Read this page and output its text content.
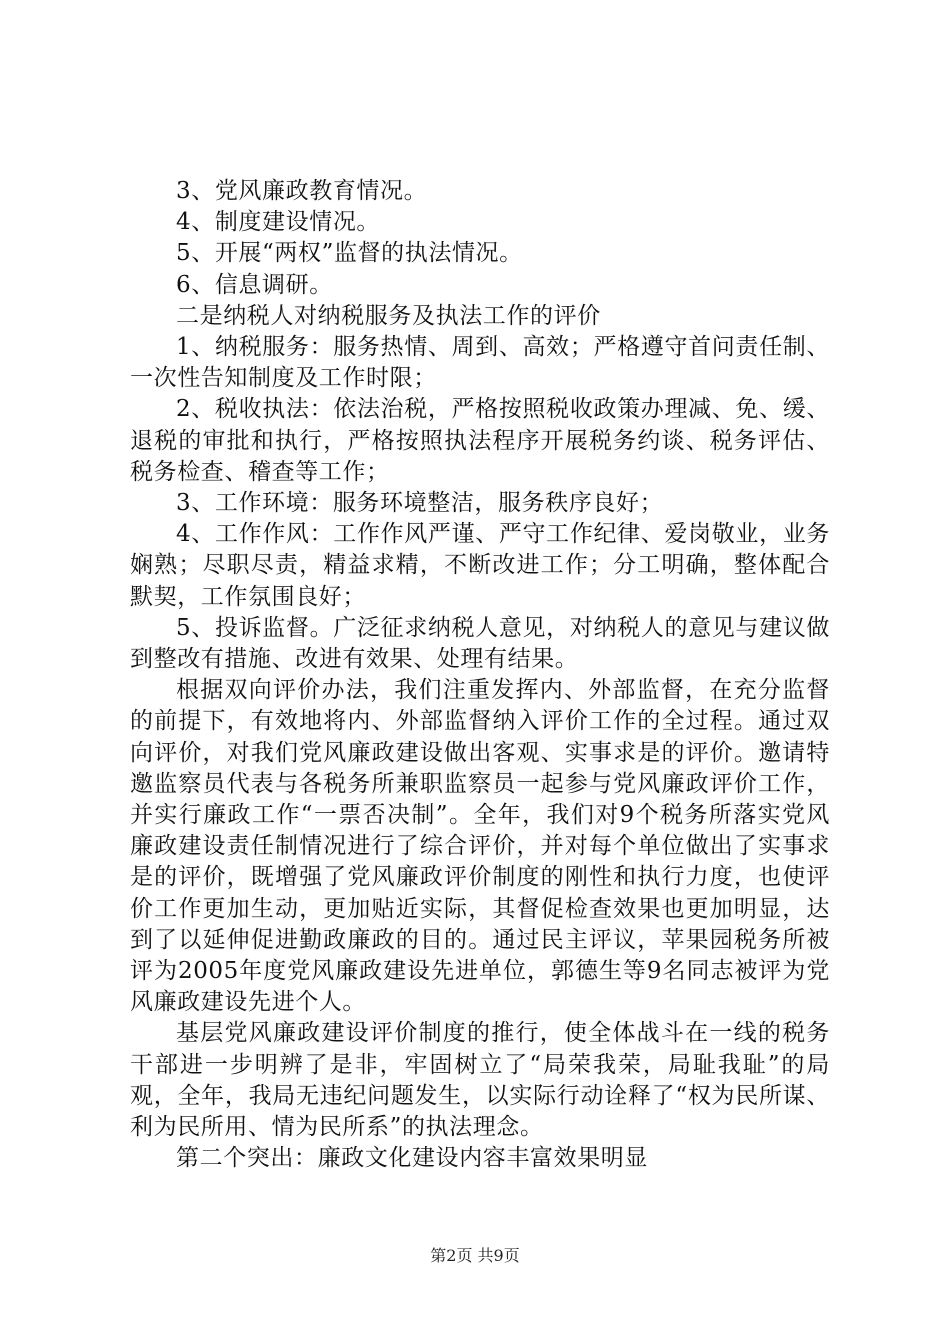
3、党风廉政教育情况。

4、制度建设情况。

5、开展“两权”监督的执法情况。

6、信息调研。

二是纳税人对纳税服务及执法工作的评价

1、纳税服务：服务热情、周到、高效；严格遵守首问责任制、一次性告知制度及工作时限；

2、税收执法：依法治税，严格按照税收政策办理减、免、缓、退税的审批和执行，严格按照执法程序开展税务约谈、税务评估、税务检查、稽查等工作；

3、工作环境：服务环境整洁，服务秩序良好；

4、工作作风：工作作风严谨、严守工作纪律、爱岗敬业，业务娴熟；尽职尽责，精益求精，不断改进工作；分工明确，整体配合默契，工作氛围良好；

5、投诉监督。广泛征求纳税人意见，对纳税人的意见与建议做到整改有措施、改进有效果、处理有结果。

根据双向评价办法，我们注重发挥内、外部监督，在充分监督的前提下，有效地将内、外部监督纳入评价工作的全过程。通过双向评价，对我们党风廉政建设做出客观、实事求是的评价。邀请特邀监察员代表与各税务所兼职监察员一起参与党风廉政评价工作，并实行廉政工作“一票否决制”。全年，我们对9个税务所落实党风廉政建设责任制情况进行了综合评价，并对每个单位做出了实事求是的评价，既增强了党风廉政评价制度的刚性和执行力度，也使评价工作更加生动，更加贴近实际，其督促检查效果也更加明显，达到了以延伸促进勤政廉政的目的。通过民主评议，苹果园税务所被评为2005年度党风廉政建设先进单位，郭德生等9名同志被评为党风廉政建设先进个人。

基层党风廉政建设评价制度的推行，使全体战斗在一线的税务干部进一步明辨了是非，牢固树立了“局荣我荣，局耻我耻”的局观，全年，我局无违纪问题发生，以实际行动诠释了“权为民所谋、利为民所用、情为民所系”的执法理念。

第二个突出：廉政文化建设内容丰富效果明显

第2页 共9页
